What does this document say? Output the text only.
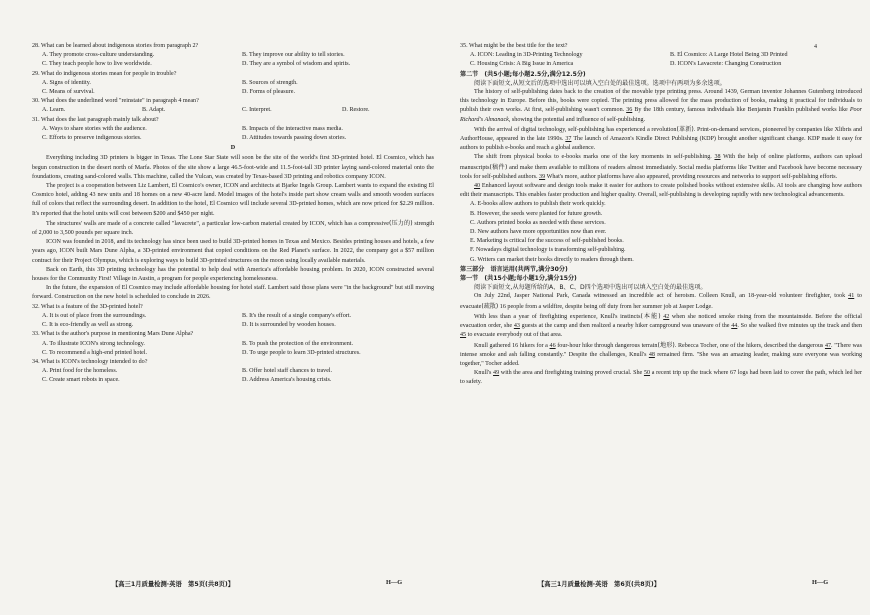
28. What can be learned about indigenous stories from paragraph 2?

A. They promote cross-culture understanding.	B. They improve our ability to tell stories.
C. They teach people how to live worldwide.	D. They are a symbol of wisdom and spirits.

29. What do indigenous stories mean for people in trouble?

A. Signs of identity.	B. Sources of strength.
C. Means of survival.	D. Forms of pleasure.

30. What does the underlined word "reinstate" in paragraph 4 mean?

A. Learn.	B. Adapt.	C. Interpret.	D. Restore.

31. What does the last paragraph mainly talk about?

A. Ways to share stories with the audience.	B. Impacts of the interactive mass media.
C. Efforts to preserve indigenous stories.	D. Attitudes towards passing down stories.

D

Everything including 3D printers is bigger in Texas. The Lone Star State will soon be the site of the world's first 3D-printed hotel. El Cosmico, which has begun construction in the desert north of Marfa. Photos of the site show a large 46.5-foot-wide and 11.5-foot-tall 3D printer laying sand-colored material onto the foundations, creating sand-colored walls. This machine, called the Vulcan, was created by Texas-based 3D printing and robotics company ICON.

The project is a cooperation between Liz Lambert, El Cosmico's owner, ICON and architects at Bjarke Ingels Group. Lambert wants to expand the existing El Cosmico hotel, adding 43 new units and 18 homes on a new 40-acre land. Model images of the hotel's inside part show cream walls and smooth wooden surfaces full of colors that reflect the surrounding desert. In addition to the hotel, El Cosmico will include several 3D-printed homes, which are now priced for $2.29 million. It's reported that the hotel units will cost between $200 and $450 per night.

The structures' walls are made of a concrete called "lavacrete", a particular low-carbon material created by ICON, which has a compressive(压力的) strength of 2,000 to 3,500 pounds per square inch.

ICON was founded in 2018, and its technology has since been used to build 3D-printed homes in Texas and Mexico. Besides printing houses and hotels, a few years ago, ICON built Mars Dune Alpha, a 3D-printed environment that copied conditions on the Red Planet's surface. In 2022, the company got a $57 million contract for their Project Olympus, which is exploring ways to build 3D-printed structures on the moon using locally available materials.

Back on Earth, this 3D printing technology has the potential to help deal with America's affordable housing problem. In 2020, ICON constructed several houses for the Community First! Village in Austin, a program for people experiencing homelessness.

In the future, the expansion of El Cosmico may include affordable housing for hotel staff. Lambert said those plans were "in the background" but still moving forward. Construction on the new hotel is scheduled to conclude in 2026.

32. What is a feature of the 3D-printed hotel?

A. It is out of place from the surroundings.	B. It's the result of a single company's effort.
C. It is eco-friendly as well as strong.	D. It is surrounded by wooden houses.

33. What is the author's purpose in mentioning Mars Dune Alpha?

A. To illustrate ICON's strong technology.	B. To push the protection of the environment.
C. To recommend a high-end printed hotel.	D. To urge people to learn 3D-printed structures.

34. What is ICON's technology intended to do?

A. Print food for the homeless.	B. Offer hotel staff chances to travel.
C. Create smart robots in space.	D. Address America's housing crisis.
【高三1月质量检测·英语　第5页(共8页)】	H—G
4

35. What might be the best title for the text?

A. ICON: Leading in 3D-Printing Technology	B. El Cosmico: A Large Hotel Being 3D Printed
C. Housing Crisis: A Big Issue in America	D. ICON's Lavacrete: Changing Construction

第二节　(共5小题;每小题2.5分,满分12.5分)

阅读下面短文,从短文后的选项中选出可以填入空白处的最佳选项。选项中有两项为多余选项。

The history of self-publishing dates back to the creation of the movable type printing press. Around 1439, German inventor Johannes Gutenberg introduced this technology in Europe. Before this, books were copied. The printing press allowed for the mass production of books, making it practical for individuals to publish their own works. At first, self-publishing wasn't common. 36 By the 18th century, famous individuals like Benjamin Franklin published works like Poor Richard's Almanack, showing the potential and influence of self-publishing.

With the arrival of digital technology, self-publishing has experienced a revolution(革新). Print-on-demand services, pioneered by companies like Xlibris and AuthorHouse, appeared in the late 1990s. 37 The launch of Amazon's Kindle Direct Publishing (KDP) brought another significant change. KDP made it easy for authors to publish e-books and reach a global audience.

The shift from physical books to e-books marks one of the key moments in self-publishing. 38 With the help of online platforms, authors can upload manuscripts(稿件) and make them available to millions of readers almost immediately. Social media platforms like Twitter and Facebook have become necessary tools for self-published authors. 39 What's more, author platforms have also appeared, providing resources and networks to support self-publishing efforts.

40 Enhanced layout software and design tools make it easier for authors to create polished books without extensive skills. AI tools are changing how authors edit their manuscripts. This enables faster production and higher quality. Overall, self-publishing is developing rapidly with new technological advancements.

A. E-books allow authors to publish their work quickly.
B. However, the seeds were planted for future growth.
C. Authors printed books as needed with these services.
D. New authors have more opportunities now than ever.
E. Marketing is critical for the success of self-published books.
F. Nowadays digital technology is transforming self-publishing.
G. Writers can market their books directly to readers through them.

第三部分　语言运用(共两节,满分30分)

第一节　(共15小题;每小题1分,满分15分)

阅读下面短文,从每题所给的A、B、C、D四个选项中选出可以填入空白处的最佳选项。

On July 22nd, Jasper National Park, Canada witnessed an incredible act of heroism. Colleen Knull, an 18-year-old volunteer firefighter, took 41 to evacuate(疏散) 16 people from a wildfire, despite being off duty from her summer job at Jasper Lodge.

With less than a year of firefighting experience, Knull's instincts(本能) 42 when she noticed smoke rising from the mountainside. Before the official evacuation order, she 43 guests at the camp and then realized a nearby hiker campground was unaware of the 44. So she walked five minutes up the track and then 45 to evacuate everybody out of that area.

Knull gathered 16 hikers for a 46 four-hour hike through dangerous terrain(地形). Rebecca Tocher, one of the hikers, described the dangerous 47. "There was intense smoke and ash falling constantly." Despite the challenges, Knull's 48 remained firm. "She was an amazing leader, making sure everyone was working together," Tocher added.

Knull's 49 with the area and firefighting training proved crucial. She 50 a recent trip up the track where 67 logs had been laid to cover the path, which led her to safety.

【高三1月质量检测·英语　第6页(共8页)】	H—G
